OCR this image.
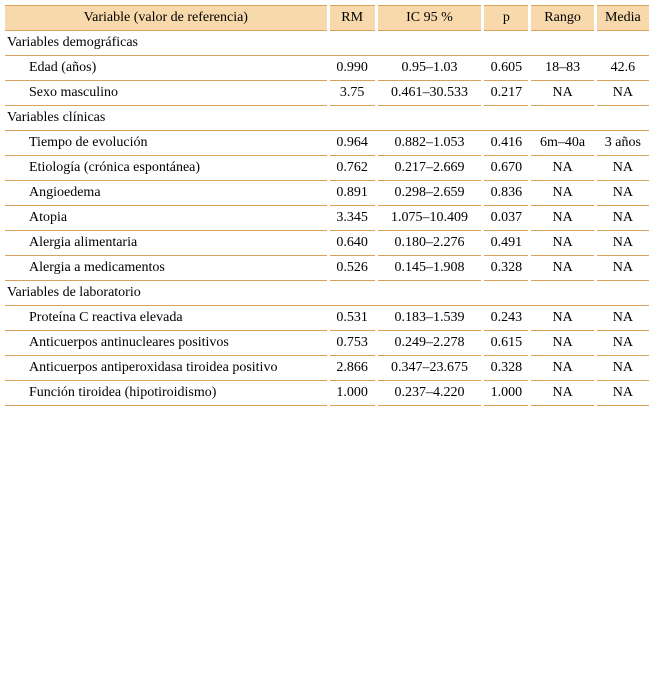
Variable (valor de referencia)	RM	IC 95 %	p	Rango	Media
Variables demográficas					
Edad (años)	0.990	0.95–1.03	0.605	18–83	42.6
Sexo masculino	3.75	0.461–30.533	0.217	NA	NA
Variables clínicas					
Tiempo de evolución	0.964	0.882–1.053	0.416	6m–40a	3 años
Etiología (crónica espontánea)	0.762	0.217–2.669	0.670	NA	NA
Angioedema	0.891	0.298–2.659	0.836	NA	NA
Atopia	3.345	1.075–10.409	0.037	NA	NA
Alergia alimentaria	0.640	0.180–2.276	0.491	NA	NA
Alergia a medicamentos	0.526	0.145–1.908	0.328	NA	NA
Variables de laboratorio					
Proteína C reactiva elevada	0.531	0.183–1.539	0.243	NA	NA
Anticuerpos antinucleares positivos	0.753	0.249–2.278	0.615	NA	NA
Anticuerpos antiperoxidasa tiroidea positivo	2.866	0.347–23.675	0.328	NA	NA
Función tiroidea (hipotiroidismo)	1.000	0.237–4.220	1.000	NA	NA
